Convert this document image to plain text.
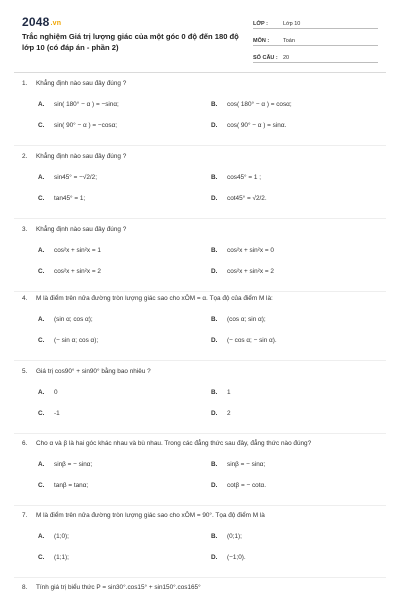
2048.vn
Trắc nghiệm Giá trị lượng giác của một góc 0 độ đến 180 độ lớp 10 (có đáp án - phần 2)
LỚP :	Lớp 10
MÔN :	Toán
SỐ CÂU : 20
1. Khẳng định nào sau đây đúng ?
A. sin( 180° − α ) = −sinα;	B. cos( 180° − α ) = cosα;
C. sin( 90° − α ) = −cosα;	D. cos( 90° − α ) = sinα.
2. Khẳng định nào sau đây đúng ?
A. sin45° = −√2/2;	B. cos45° = 1 ;
C. tan45° = 1;	D. cot45° = √2/2.
3. Khẳng định nào sau đây đúng ?
A. cos²x + sin²x = 1	B. cos²x + sin²x = 0
C. cos²x + sin²x = 2	D. cos²x + sin²x = 2
4. M là điểm trên nửa đường tròn lượng giác sao cho xÔM = α. Tọa độ của điểm M là:
A. (sin α; cos α);	B. (cos α; sin α);
C. (− sin α; cos α);	D. (− cos α; − sin α).
5. Giá trị cos90° + sin90° bằng bao nhiêu ?
A. 0	B. 1
C. -1	D. 2
6. Cho α và β là hai góc khác nhau và bù nhau. Trong các đẳng thức sau đây, đẳng thức nào đúng?
A. sinβ = − sinα;	B. sinβ = − sinα;
C. tanβ = tanα;	D. cotβ = − cotα.
7. M là điểm trên nửa đường tròn lượng giác sao cho xÔM = 90°. Tọa độ điểm M là
A. (1;0);	B. (0;1);
C. (1;1);	D. (−1;0).
8. Tính giá trị biểu thức P = sin30°.cos15° + sin150°.cos165°
